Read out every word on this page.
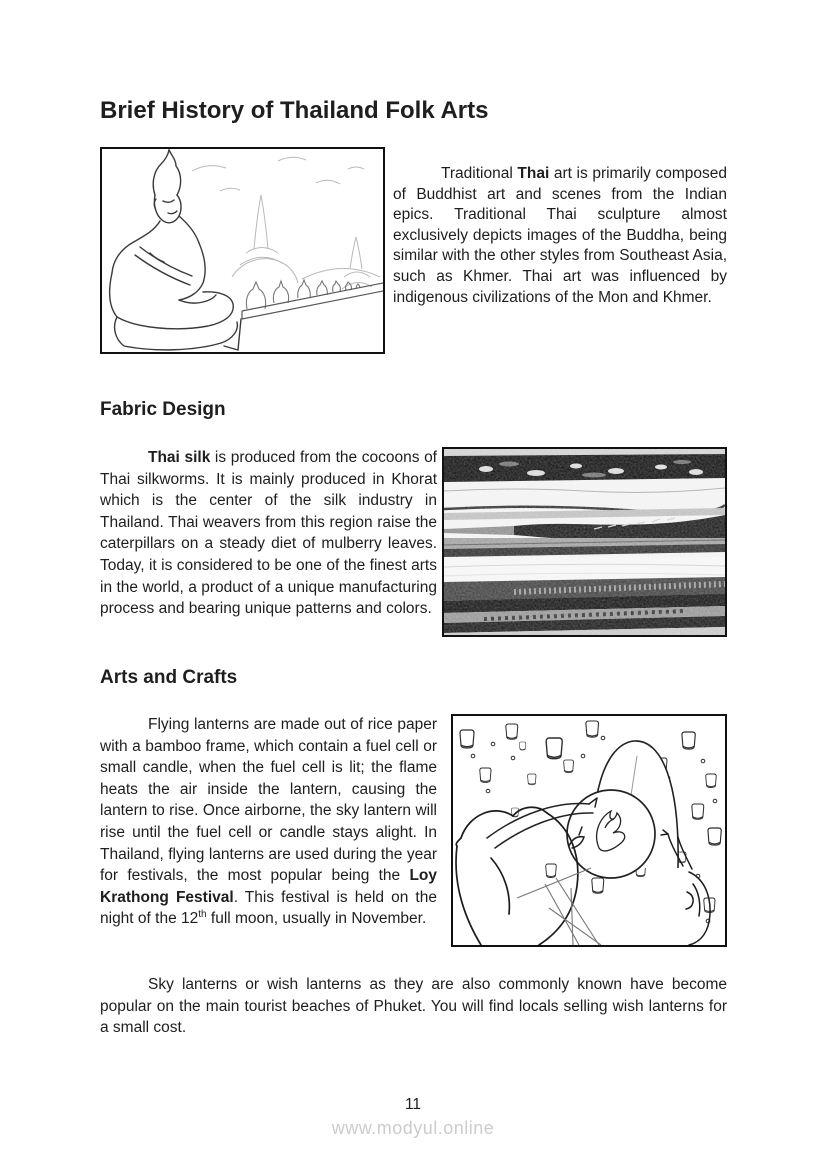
Brief History of Thailand Folk Arts

Traditional Thai art is primarily composed of Buddhist art and scenes from the Indian epics. Traditional Thai sculpture almost exclusively depicts images of the Buddha, being similar with the other styles from Southeast Asia, such as Khmer. Thai art was influenced by indigenous civilizations of the Mon and Khmer.

Fabric Design

Thai silk is produced from the cocoons of Thai silkworms. It is mainly produced in Khorat which is the center of the silk industry in Thailand. Thai weavers from this region raise the caterpillars on a steady diet of mulberry leaves. Today, it is considered to be one of the finest arts in the world, a product of a unique manufacturing process and bearing unique patterns and colors.

Arts and Crafts

Flying lanterns are made out of rice paper with a bamboo frame, which contain a fuel cell or small candle, when the fuel cell is lit; the flame heats the air inside the lantern, causing the lantern to rise. Once airborne, the sky lantern will rise until the fuel cell or candle stays alight. In Thailand, flying lanterns are used during the year for festivals, the most popular being the Loy Krathong Festival. This festival is held on the night of the 12th full moon, usually in November.

Sky lanterns or wish lanterns as they are also commonly known have become popular on the main tourist beaches of Phuket. You will find locals selling wish lanterns for a small cost.

11
www.modyul.online
